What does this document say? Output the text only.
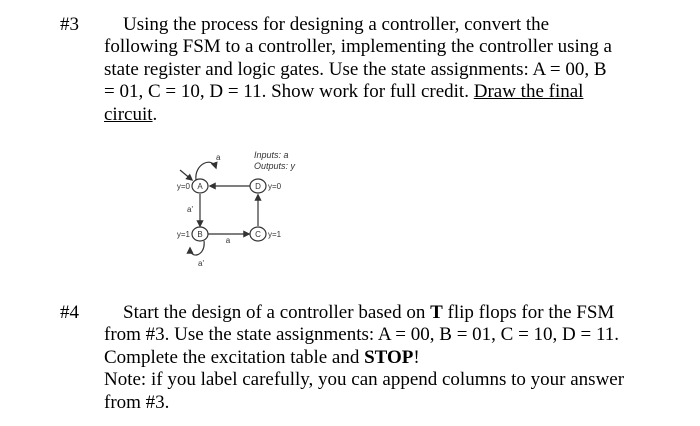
#3	Using the process for designing a controller, convert the
following FSM to a controller, implementing the controller using a
state register and logic gates. Use the state assignments: A = 00, B
= 01, C = 10, D = 11. Show work for full credit. Draw the final
circuit.
Inputs: a
Outputs: y
a
A
y=0	D y=0
a'
B
y=1
a
C y=1
a'
#4	Start the design of a controller based on T flip flops for the FSM
from #3. Use the state assignments: A = 00, B = 01, C = 10, D = 11.
Complete the excitation table and STOP!
Note: if you label carefully, you can append columns to your answer
from #3.
